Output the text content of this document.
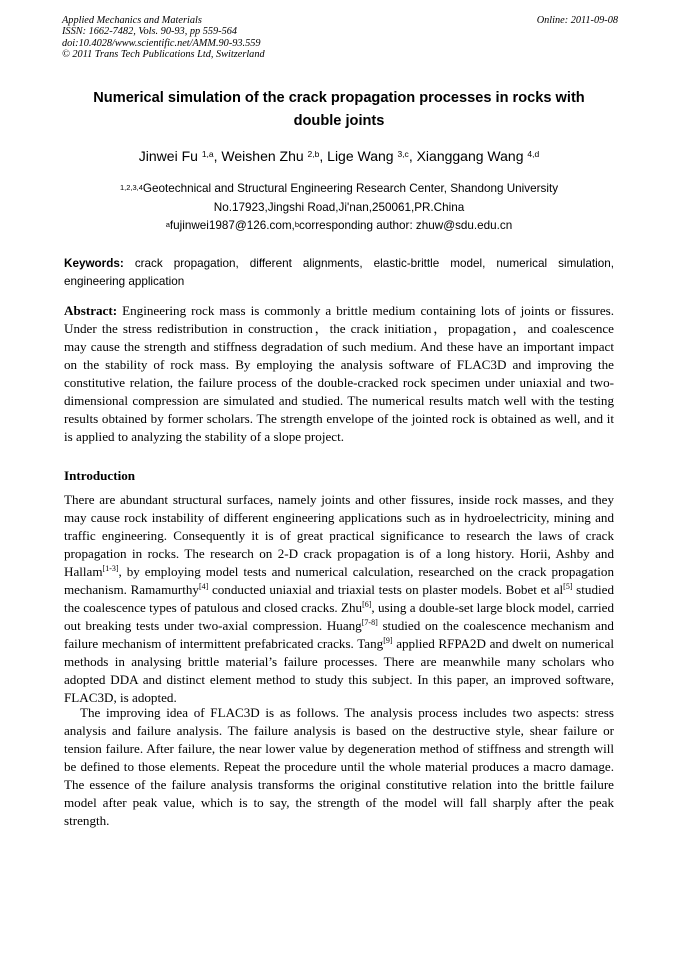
Applied Mechanics and Materials
ISSN: 1662-7482, Vols. 90-93, pp 559-564
doi:10.4028/www.scientific.net/AMM.90-93.559
© 2011 Trans Tech Publications Ltd, Switzerland
Online: 2011-09-08
Numerical simulation of the crack propagation processes in rocks with
double joints
Jinwei Fu $^{1,a}$, Weishen Zhu $^{2,b}$, Lige Wang $^{3,c}$, Xianggang Wang $^{4,d}$
$^{1,2,3,4}$Geotechnical and Structural Engineering Research Center, Shandong University
No.17923,Jingshi Road,Ji'nan,250061,PR.China
$^a$fujinwei1987@126.com,$^b$corresponding author: zhuw@sdu.edu.cn
Keywords: crack propagation, different alignments, elastic-brittle model, numerical simulation, engineering application
Abstract: Engineering rock mass is commonly a brittle medium containing lots of joints or fissures. Under the stress redistribution in construction，the crack initiation，propagation，and coalescence may cause the strength and stiffness degradation of such medium. And these have an important impact on the stability of rock mass. By employing the analysis software of FLAC3D and improving the constitutive relation, the failure process of the double-cracked rock specimen under uniaxial and two-dimensional compression are simulated and studied. The numerical results match well with the testing results obtained by former scholars. The strength envelope of the jointed rock is obtained as well, and it is applied to analyzing the stability of a slope project.
Introduction
There are abundant structural surfaces, namely joints and other fissures, inside rock masses, and they may cause rock instability of different engineering applications such as in hydroelectricity, mining and traffic engineering. Consequently it is of great practical significance to research the laws of crack propagation in rocks. The research on 2-D crack propagation is of a long history. Horii, Ashby and Hallam[1-3], by employing model tests and numerical calculation, researched on the crack propagation mechanism. Ramamurthy[4] conducted uniaxial and triaxial tests on plaster models. Bobet et al[5] studied the coalescence types of patulous and closed cracks. Zhu[6], using a double-set large block model, carried out breaking tests under two-axial compression. Huang[7-8] studied on the coalescence mechanism and failure mechanism of intermittent prefabricated cracks. Tang[9] applied RFPA2D and dwelt on numerical methods in analysing brittle material’s failure processes. There are meanwhile many scholars who adopted DDA and distinct element method to study this subject. In this paper, an improved software, FLAC3D, is adopted.
The improving idea of FLAC3D is as follows. The analysis process includes two aspects: stress analysis and failure analysis. The failure analysis is based on the destructive style, shear failure or tension failure. After failure, the near lower value by degeneration method of stiffness and strength will be defined to those elements. Repeat the procedure until the whole material produces a macro damage. The essence of the failure analysis transforms the original constitutive relation into the brittle failure model after peak value, which is to say, the strength of the model will fall sharply after the peak strength.
